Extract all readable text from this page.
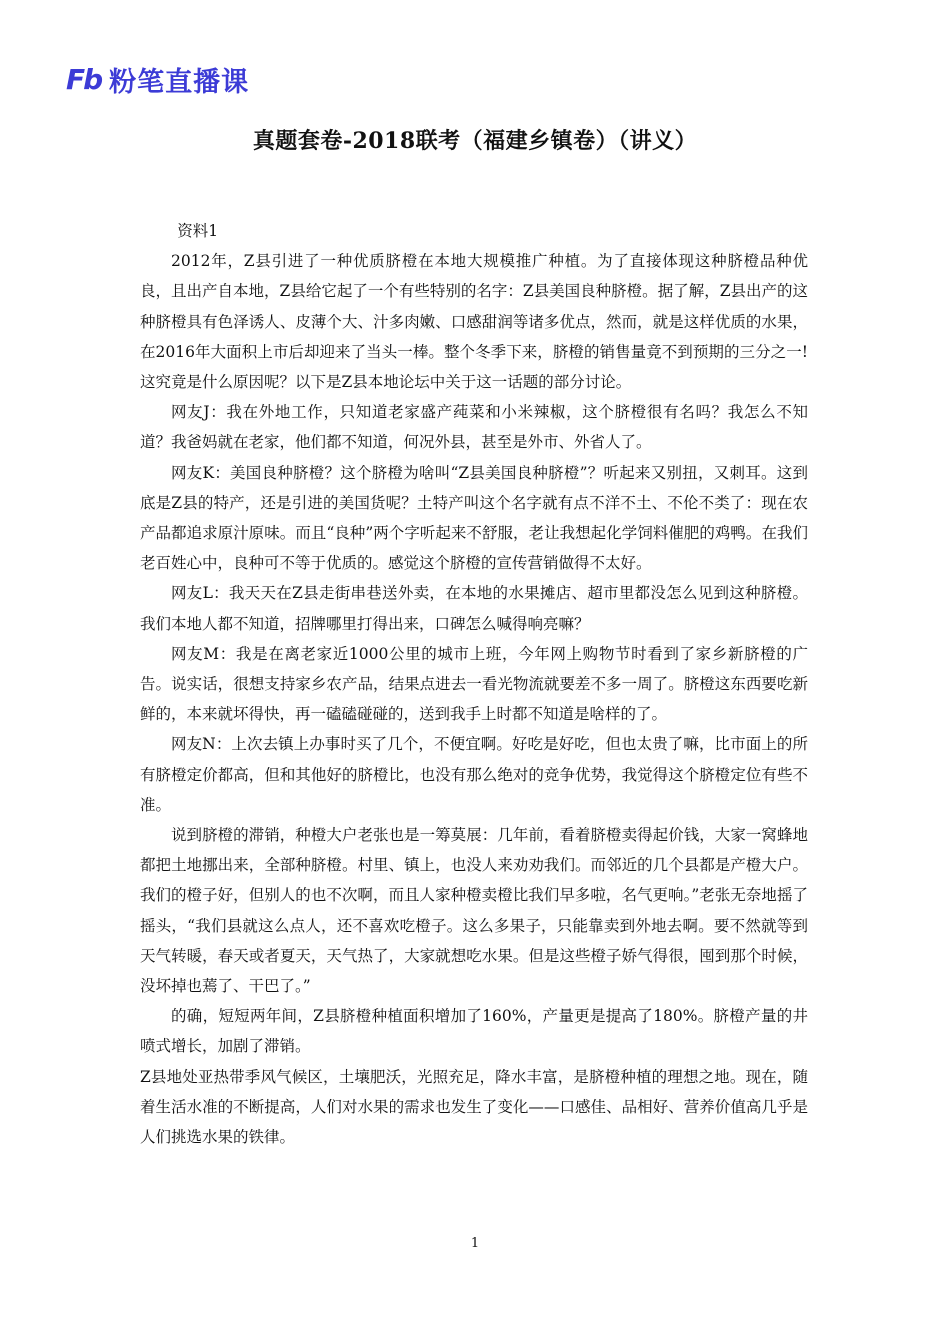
Fb 粉笔直播课
真题套卷-2018联考（福建乡镇卷）（讲义）

资料1

2012年，Z县引进了一种优质脐橙在本地大规模推广种植。为了直接体现这种脐橙品种优良，且出产自本地，Z县给它起了一个有些特别的名字：Z县美国良种脐橙。据了解，Z县出产的这种脐橙具有色泽诱人、皮薄个大、汁多肉嫩、口感甜润等诸多优点，然而，就是这样优质的水果，在2016年大面积上市后却迎来了当头一棒。整个冬季下来，脐橙的销售量竟不到预期的三分之一!这究竟是什么原因呢？以下是Z县本地论坛中关于这一话题的部分讨论。

网友J：我在外地工作，只知道老家盛产莼菜和小米辣椒，这个脐橙很有名吗？我怎么不知道？我爸妈就在老家，他们都不知道，何况外县，甚至是外市、外省人了。

网友K：美国良种脐橙？这个脐橙为啥叫“Z县美国良种脐橙”？听起来又别扭，又刺耳。这到底是Z县的特产，还是引进的美国货呢？土特产叫这个名字就有点不洋不土、不伦不类了：现在农产品都追求原汁原味。而且“良种”两个字听起来不舒服，老让我想起化学饲料催肥的鸡鸭。在我们老百姓心中，良种可不等于优质的。感觉这个脐橙的宣传营销做得不太好。

网友L：我天天在Z县走街串巷送外卖，在本地的水果摊店、超市里都没怎么见到这种脐橙。我们本地人都不知道，招牌哪里打得出来，口碑怎么喊得响亮嘛？

网友M：我是在离老家近1000公里的城市上班，今年网上购物节时看到了家乡新脐橙的广告。说实话，很想支持家乡农产品，结果点进去一看光物流就要差不多一周了。脐橙这东西要吃新鲜的，本来就坏得快，再一磕磕碰碰的，送到我手上时都不知道是啥样的了。

网友N：上次去镇上办事时买了几个，不便宜啊。好吃是好吃，但也太贵了嘛，比市面上的所有脐橙定价都高，但和其他好的脐橙比，也没有那么绝对的竞争优势，我觉得这个脐橙定位有些不准。

说到脐橙的滞销，种橙大户老张也是一筹莫展：几年前，看着脐橙卖得起价钱，大家一窝蜂地都把土地挪出来，全部种脐橙。村里、镇上，也没人来劝劝我们。而邻近的几个县都是产橙大户。我们的橙子好，但别人的也不次啊，而且人家种橙卖橙比我们早多啦，名气更响。”老张无奈地摇了摇头，“我们县就这么点人，还不喜欢吃橙子。这么多果子，只能靠卖到外地去啊。要不然就等到天气转暖，春天或者夏天，天气热了，大家就想吃水果。但是这些橙子娇气得很，囤到那个时候，没坏掉也蔫了、干巴了。”

的确，短短两年间，Z县脐橙种植面积增加了160%，产量更是提高了180%。脐橙产量的井喷式增长，加剧了滞销。

Z县地处亚热带季风气候区，土壤肥沃，光照充足，降水丰富，是脐橙种植的理想之地。现在，随着生活水准的不断提高，人们对水果的需求也发生了变化——口感佳、品相好、营养价值高几乎是人们挑选水果的铁律。

1
